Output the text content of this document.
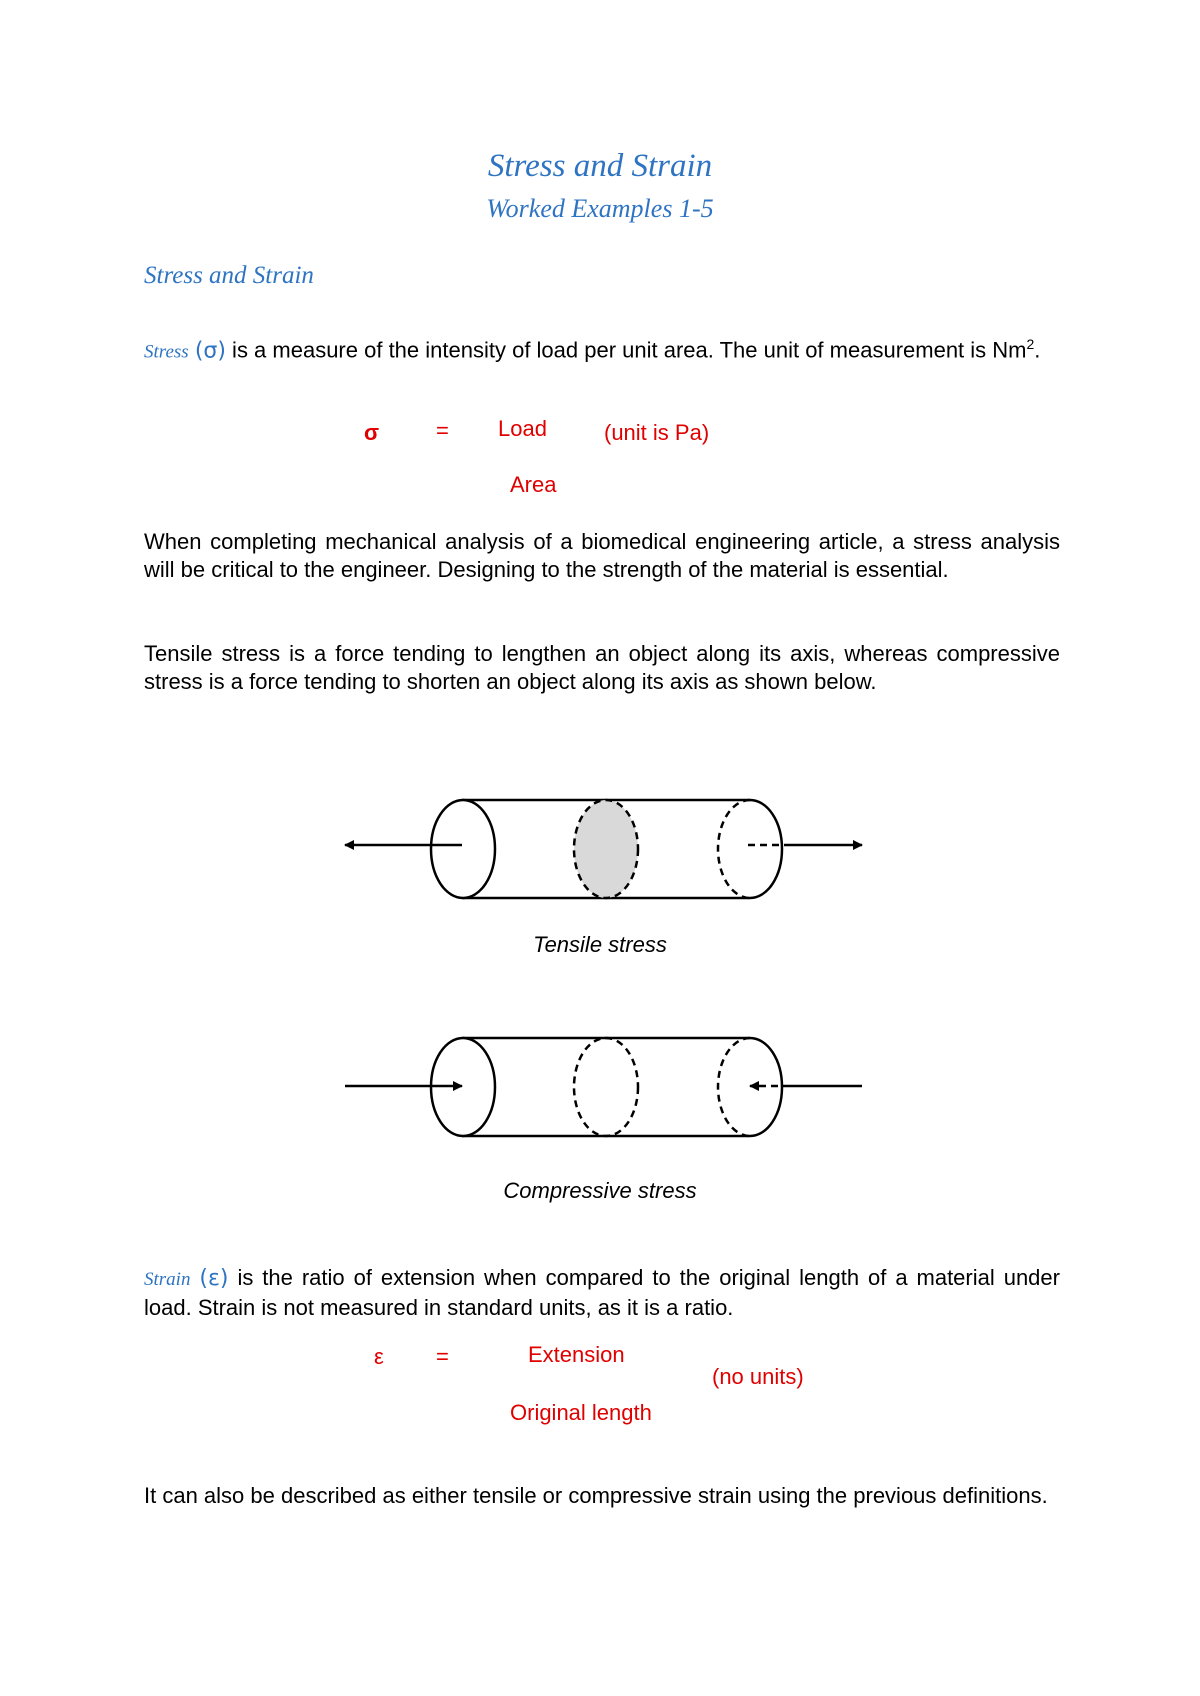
Stress and Strain
Worked Examples 1-5
Stress and Strain
Stress (σ) is a measure of the intensity of load per unit area. The unit of measurement is Nm$^2$.
σ	= Load	(unit is Pa)
Area
When completing mechanical analysis of a biomedical engineering article, a stress analysis will be critical to the engineer. Designing to the strength of the material is essential.
Tensile stress is a force tending to lengthen an object along its axis, whereas compressive stress is a force tending to shorten an object along its axis as shown below.
Tensile stress
Compressive stress
Strain (ε) is the ratio of extension when compared to the original length of a material under load. Strain is not measured in standard units, as it is a ratio.
ε =	Extension
(no units)
Original length
It can also be described as either tensile or compressive strain using the previous definitions.
